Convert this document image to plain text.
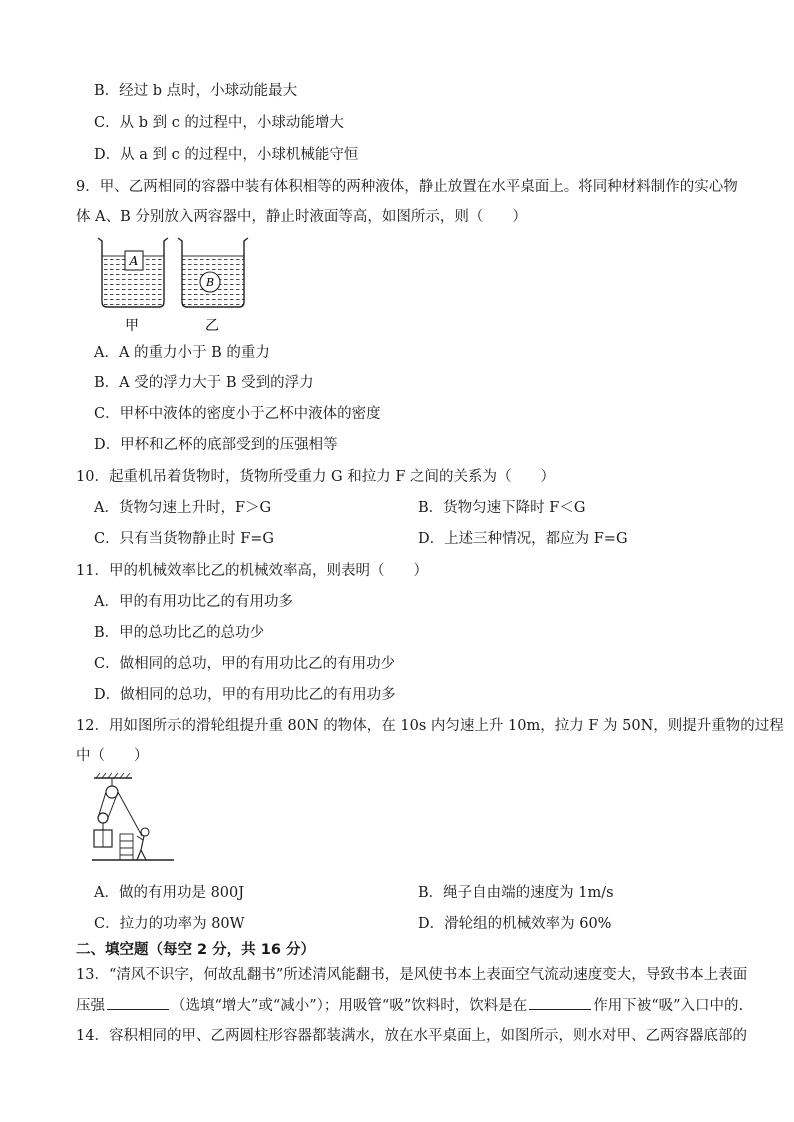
B．经过 b 点时，小球动能最大
C．从 b 到 c 的过程中，小球动能增大
D．从 a 到 c 的过程中，小球机械能守恒
9．甲、乙两相同的容器中装有体积相等的两种液体，静止放置在水平桌面上。将同种材料制作的实心物
体 A、B 分别放入两容器中，静止时液面等高，如图所示，则（　　）
A
B
甲	乙
A．A 的重力小于 B 的重力
B．A 受的浮力大于 B 受到的浮力
C．甲杯中液体的密度小于乙杯中液体的密度
D．甲杯和乙杯的底部受到的压强相等
10．起重机吊着货物时，货物所受重力 G 和拉力 F 之间的关系为（　　）
A．货物匀速上升时，F＞G	B．货物匀速下降时 F＜G
C．只有当货物静止时 F=G	D．上述三种情况，都应为 F=G
11．甲的机械效率比乙的机械效率高，则表明（　　）
A．甲的有用功比乙的有用功多
B．甲的总功比乙的总功少
C．做相同的总功，甲的有用功比乙的有用功少
D．做相同的总功，甲的有用功比乙的有用功多
12．用如图所示的滑轮组提升重 80N 的物体，在 10s 内匀速上升 10m，拉力 F 为 50N，则提升重物的过程
中（　　）
A．做的有用功是 800J	B．绳子自由端的速度为 1m/s
C．拉力的功率为 80W	D．滑轮组的机械效率为 60%
二、填空题（每空 2 分，共 16 分）
13．“清风不识字，何故乱翻书”所述清风能翻书，是风使书本上表面空气流动速度变大，导致书本上表面
压强	（选填“增大”或“减小”）；用吸管“吸”饮料时，饮料是在	作用下被“吸”入口中的.
14．容积相同的甲、乙两圆柱形容器都装满水，放在水平桌面上，如图所示，则水对甲、乙两容器底部的
